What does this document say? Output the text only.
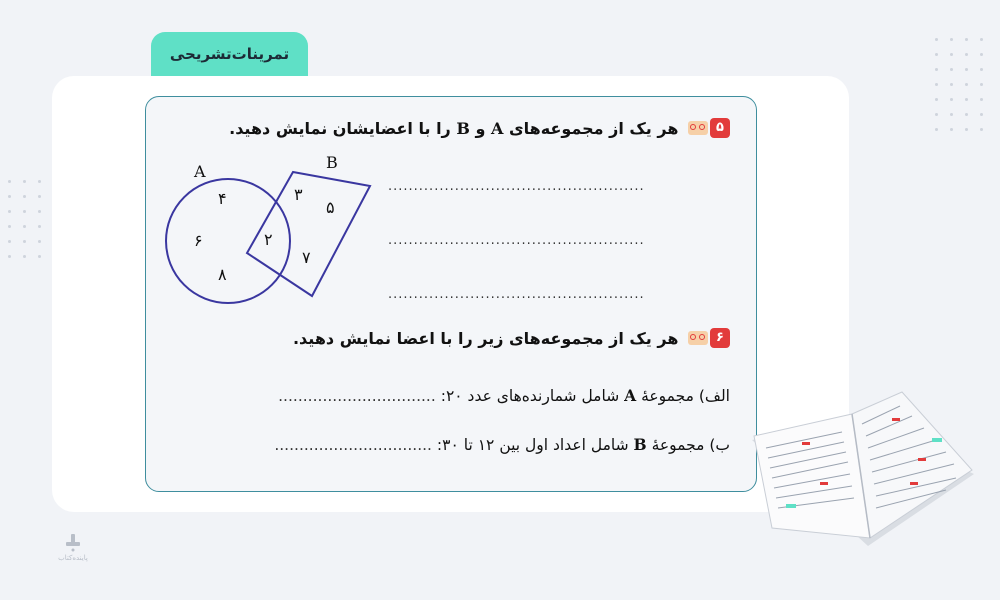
تمرینات‌تشریحی
۵
هر یک از مجموعه‌های A و B را با اعضایشان نمایش دهید.
A	B
۴
۶
۸
۲
۳
۵
۷
..................................................
..................................................
..................................................
۶
هر یک از مجموعه‌های زیر را با اعضا نمایش دهید.
الف) مجموعهٔ A شامل شمارنده‌های عدد ۲۰: ................................
ب) مجموعهٔ B شامل اعداد اول بین ۱۲ تا ۳۰: ................................
پاینده‌کتاب
